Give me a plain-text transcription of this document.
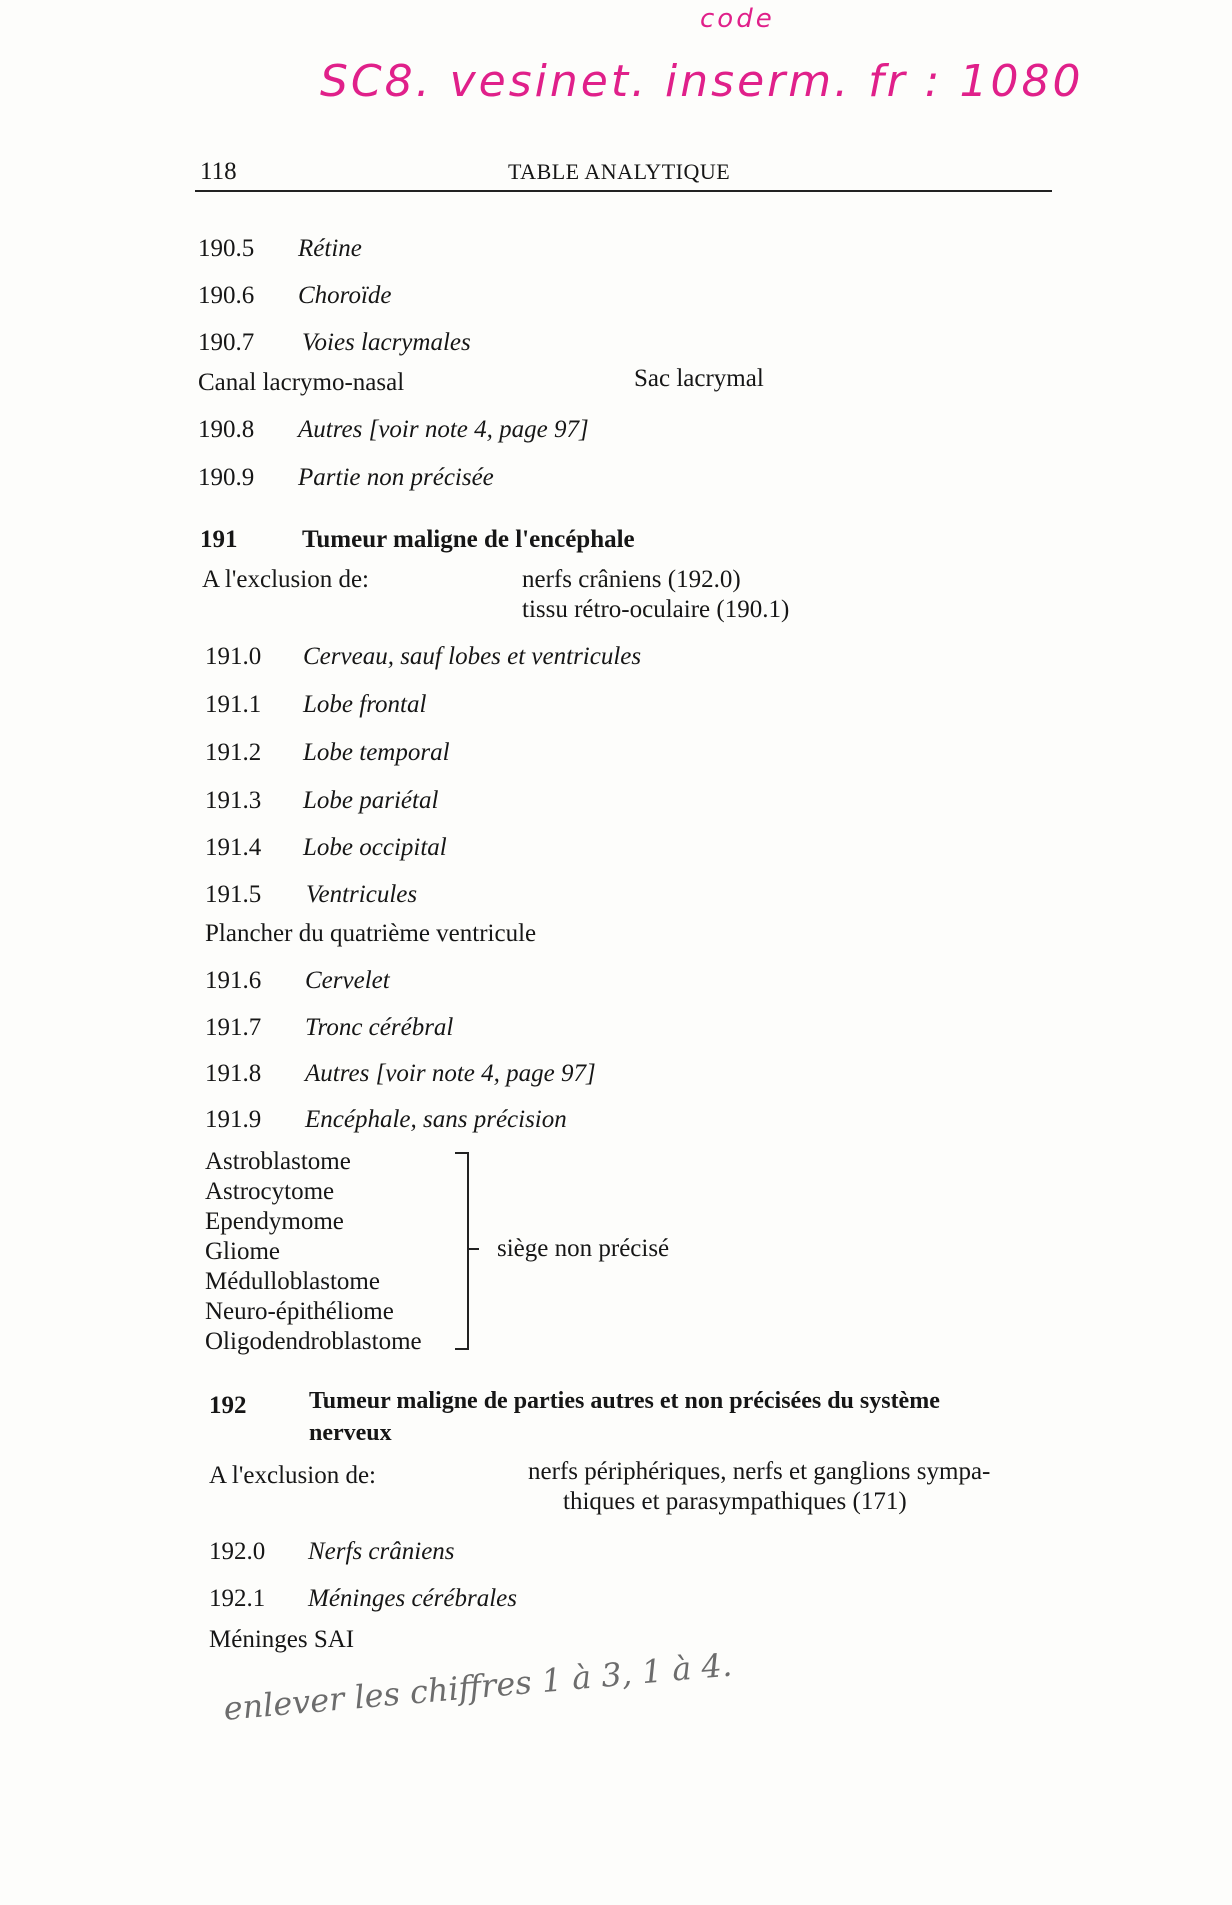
code
SC8. vesinet. inserm. fr : 1080
118	TABLE ANALYTIQUE
190.5 Rétine
190.6 Choroïde
190.7 Voies lacrymales
Canal lacrymo-nasal	Sac lacrymal
190.8 Autres [voir note 4, page 97]
190.9 Partie non précisée
191	Tumeur maligne de l'encéphale
A l'exclusion de:	nerfs crâniens (192.0)
tissu rétro-oculaire (190.1)
191.0 Cerveau, sauf lobes et ventricules
191.1 Lobe frontal
191.2 Lobe temporal
191.3 Lobe pariétal
191.4 Lobe occipital
191.5 Ventricules
Plancher du quatrième ventricule
191.6 Cervelet
191.7 Tronc cérébral
191.8 Autres [voir note 4, page 97]
191.9 Encéphale, sans précision
Astroblastome
Astrocytome
Ependymome
Gliome
Médulloblastome
Neuro-épithéliome
Oligodendroblastome
siège non précisé
192	Tumeur maligne de parties autres et non précisées du système
nerveux
A l'exclusion de:	nerfs périphériques, nerfs et ganglions sympa-
thiques et parasympathiques (171)
192.0 Nerfs crâniens
192.1 Méninges cérébrales
Méninges SAI
enlever les chiffres 1 à 3, 1 à 4.
